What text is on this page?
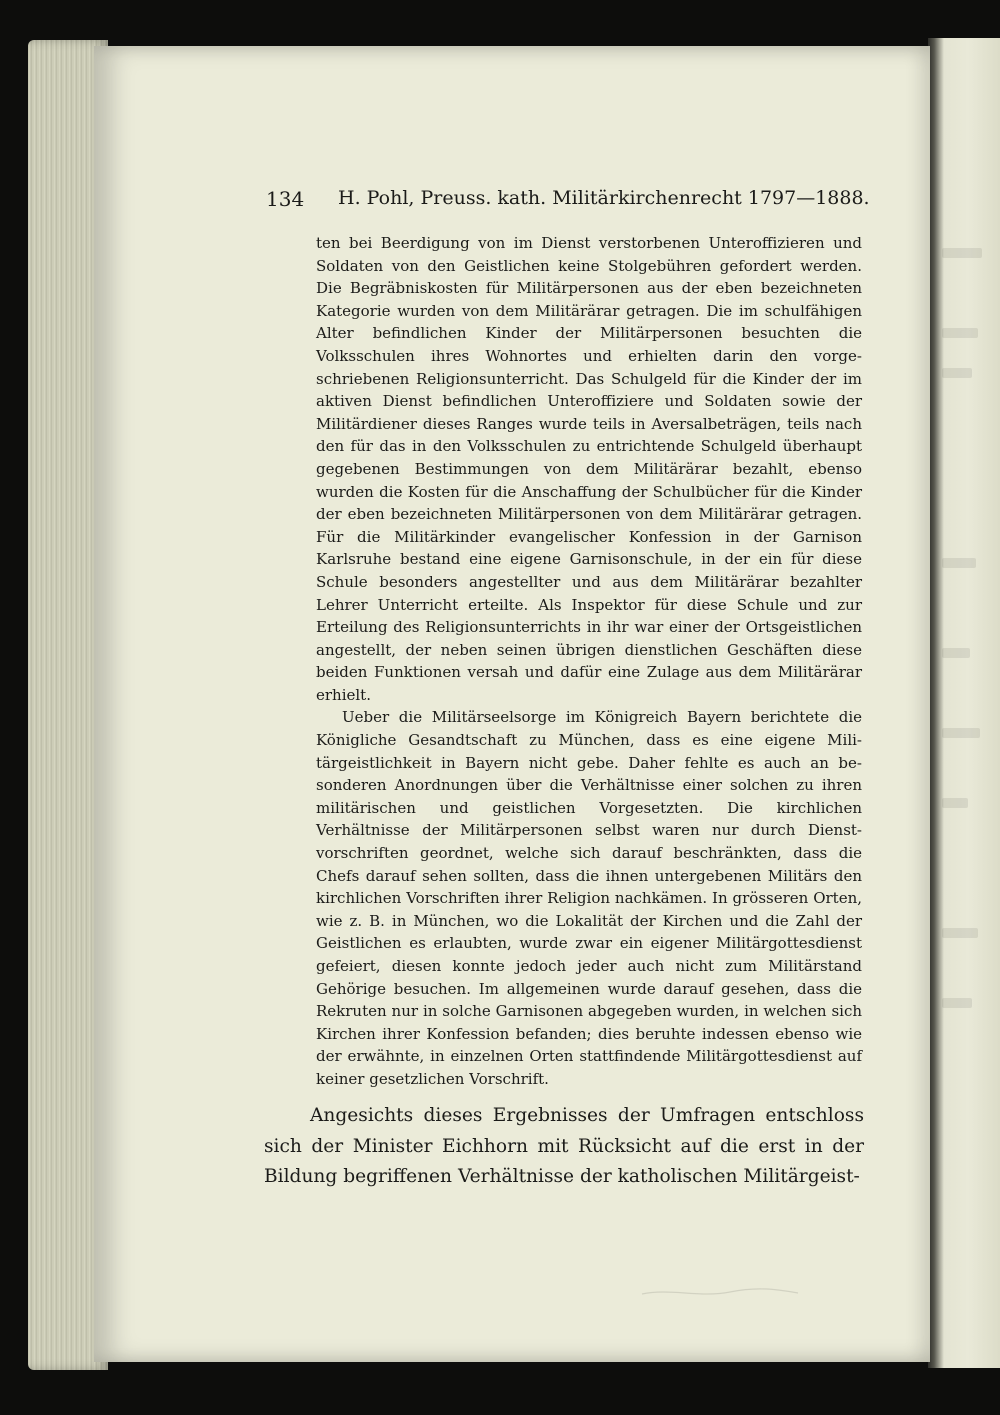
134 H. Pohl, Preuss. kath. Militärkirchenrecht 1797—1888.

ten bei Beerdigung von im Dienst verstorbenen Unteroffizieren und Soldaten von den Geistlichen keine Stolgebühren gefordert werden. Die Begräbniskosten für Militärpersonen aus der eben bezeichneten Kategorie wurden von dem Militärärar getragen. Die im schulfähigen Alter befindlichen Kinder der Militärpersonen besuchten die Volksschulen ihres Wohnortes und erhielten darin den vorgeschriebenen Religionsunterricht. Das Schulgeld für die Kinder der im aktiven Dienst befindlichen Unteroffiziere und Soldaten sowie der Militärdiener dieses Ranges wurde teils in Aversalbeträgen, teils nach den für das in den Volksschulen zu entrichtende Schulgeld überhaupt gegebenen Bestimmungen von dem Militärärar bezahlt, ebenso wurden die Kosten für die Anschaffung der Schulbücher für die Kinder der eben bezeichneten Militärpersonen von dem Militärärar getragen. Für die Militärkinder evangelischer Konfession in der Garnison Karlsruhe bestand eine eigene Garnisonschule, in der ein für diese Schule besonders angestellter und aus dem Militärärar bezahlter Lehrer Unterricht erteilte. Als Inspektor für diese Schule und zur Erteilung des Religionsunterrichts in ihr war einer der Ortsgeistlichen angestellt, der neben seinen übrigen dienstlichen Geschäften diese beiden Funktionen versah und dafür eine Zulage aus dem Militärärar erhielt.

Ueber die Militärseelsorge im Königreich Bayern berichtete die Königliche Gesandtschaft zu München, dass es eine eigene Militärgeistlichkeit in Bayern nicht gebe. Daher fehlte es auch an besonderen Anordnungen über die Verhältnisse einer solchen zu ihren militärischen und geistlichen Vorgesetzten. Die kirchlichen Verhältnisse der Militärpersonen selbst waren nur durch Dienstvorschriften geordnet, welche sich darauf beschränkten, dass die Chefs darauf sehen sollten, dass die ihnen untergebenen Militärs den kirchlichen Vorschriften ihrer Religion nachkämen. In grösseren Orten, wie z. B. in München, wo die Lokalität der Kirchen und die Zahl der Geistlichen es erlaubten, wurde zwar ein eigener Militärgottesdienst gefeiert, diesen konnte jedoch jeder auch nicht zum Militärstand Gehörige besuchen. Im allgemeinen wurde darauf gesehen, dass die Rekruten nur in solche Garnisonen abgegeben wurden, in welchen sich Kirchen ihrer Konfession befanden; dies beruhte indessen ebenso wie der erwähnte, in einzelnen Orten stattfindende Militärgottesdienst auf keiner gesetzlichen Vorschrift.

Angesichts dieses Ergebnisses der Umfragen entschloss sich der Minister Eichhorn mit Rücksicht auf die erst in der Bildung begriffenen Verhältnisse der katholischen Militärgeist-
